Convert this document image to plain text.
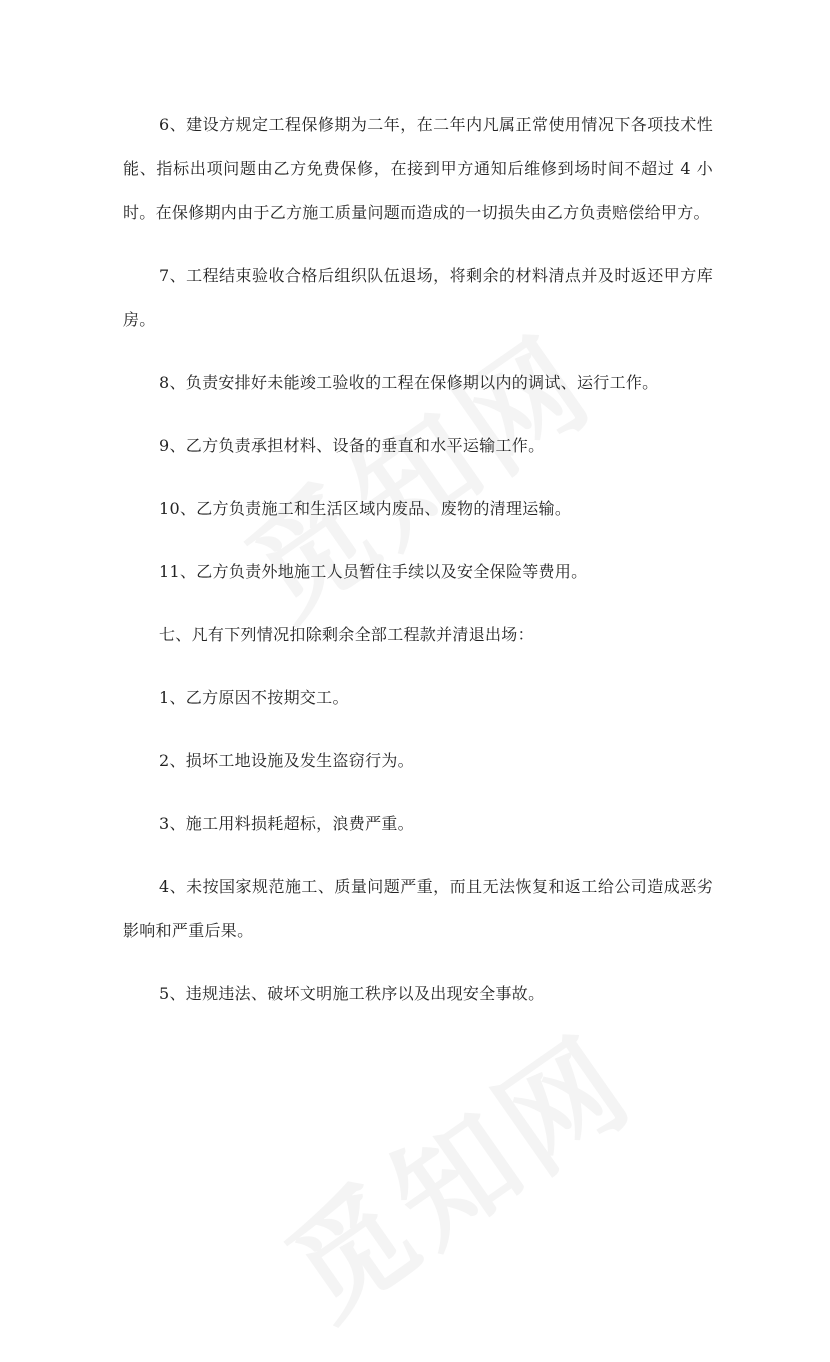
6、建设方规定工程保修期为二年，在二年内凡属正常使用情况下各项技术性能、指标出项问题由乙方免费保修，在接到甲方通知后维修到场时间不超过 4 小时。在保修期内由于乙方施工质量问题而造成的一切损失由乙方负责赔偿给甲方。

7、工程结束验收合格后组织队伍退场，将剩余的材料清点并及时返还甲方库房。

8、负责安排好未能竣工验收的工程在保修期以内的调试、运行工作。

9、乙方负责承担材料、设备的垂直和水平运输工作。

10、乙方负责施工和生活区域内废品、废物的清理运输。

11、乙方负责外地施工人员暂住手续以及安全保险等费用。

七、凡有下列情况扣除剩余全部工程款并清退出场：

1、乙方原因不按期交工。

2、损坏工地设施及发生盗窃行为。

3、施工用料损耗超标，浪费严重。

4、未按国家规范施工、质量问题严重，而且无法恢复和返工给公司造成恶劣影响和严重后果。

5、违规违法、破坏文明施工秩序以及出现安全事故。
